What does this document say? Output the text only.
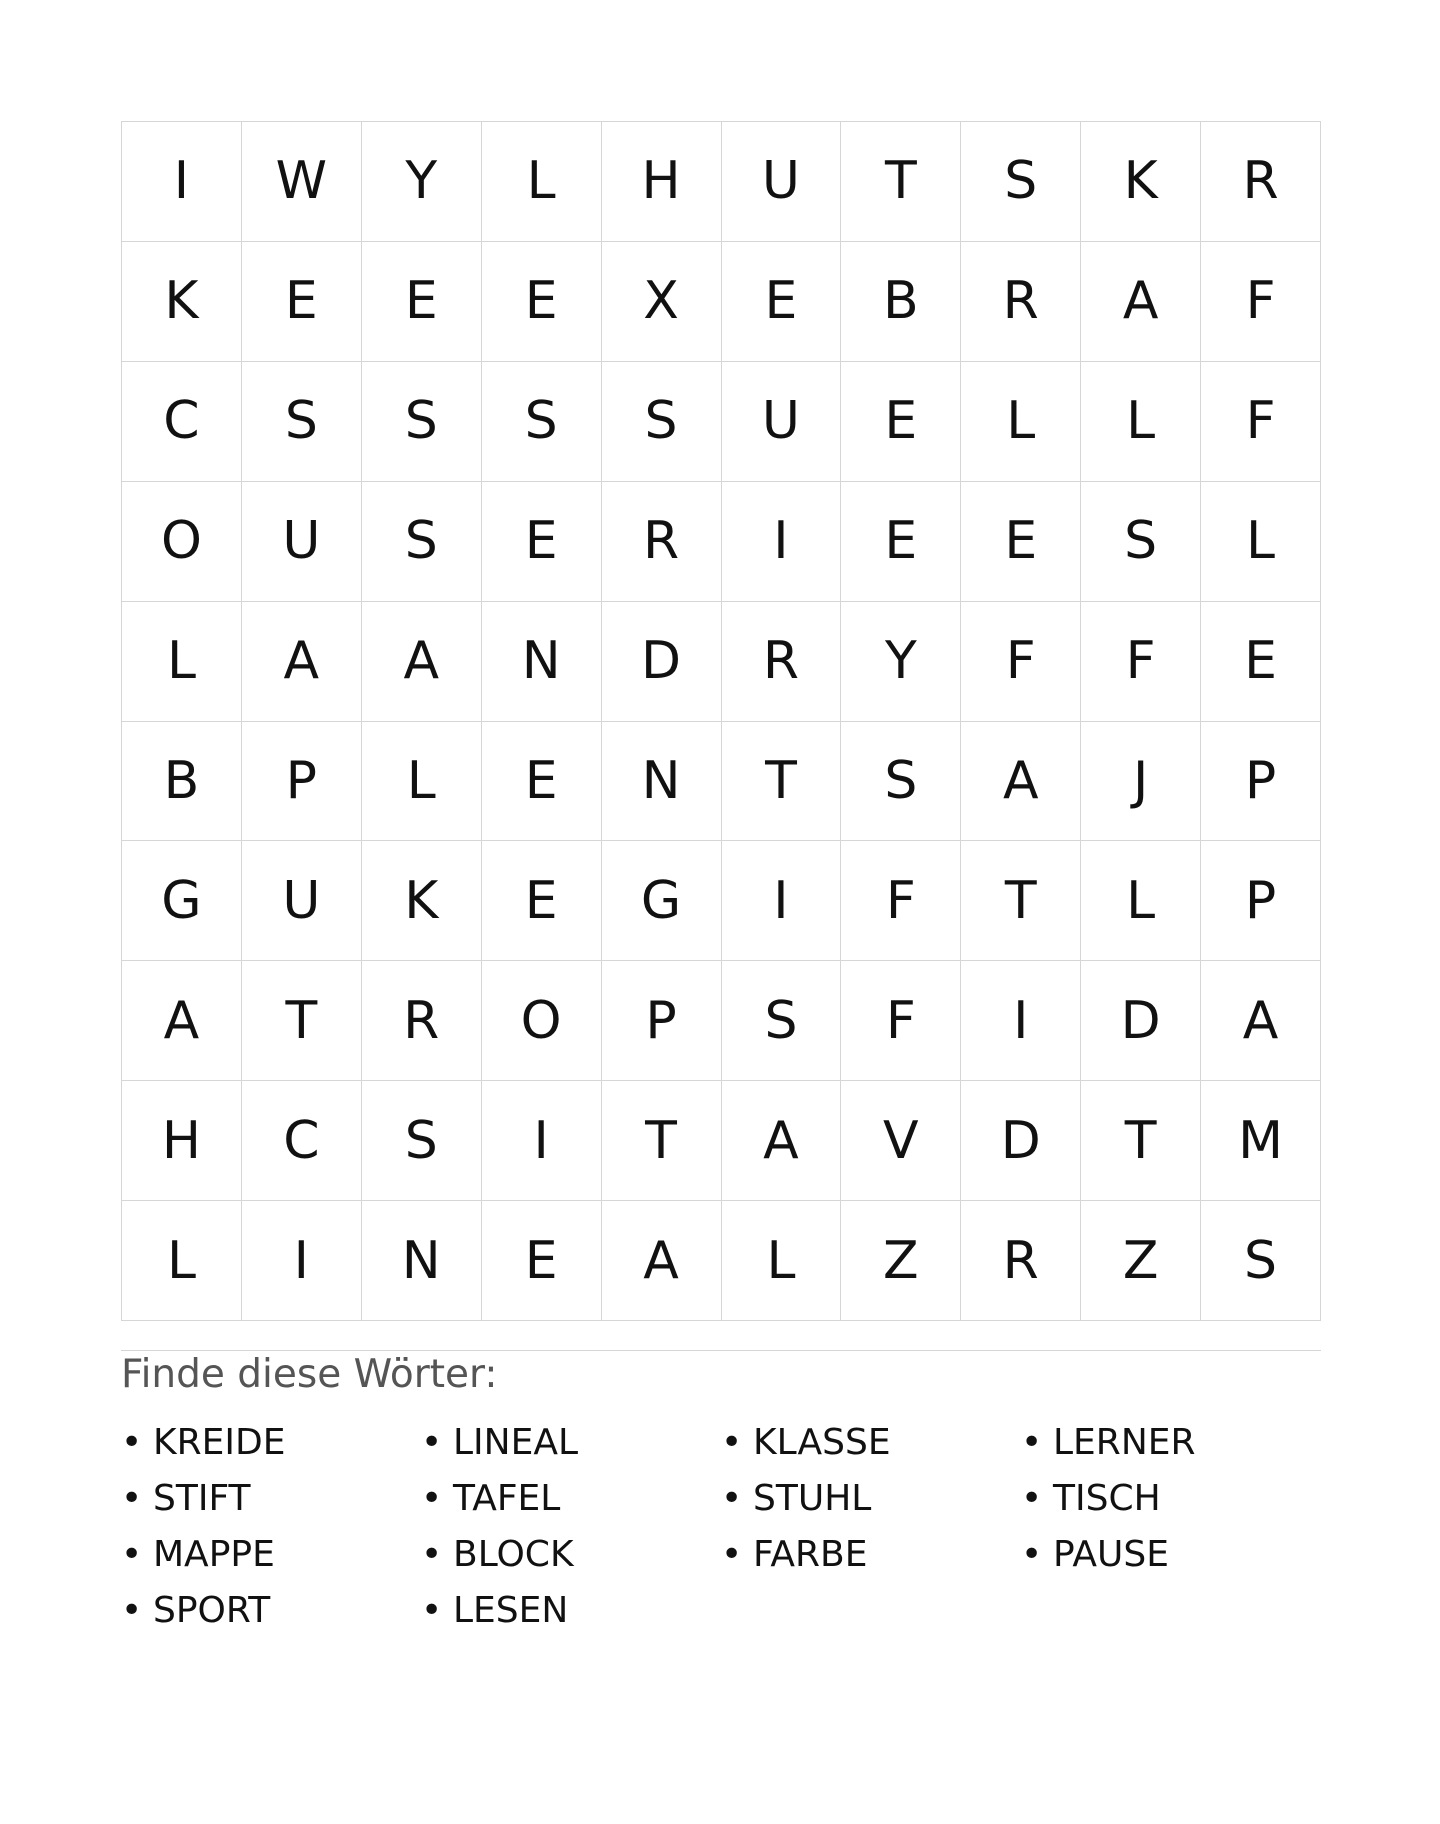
I	W	Y	L	H	U	T	S	K	R
K	E	E	E	X	E	B	R	A	F
C	S	S	S	S	U	E	L	L	F
O	U	S	E	R	I	E	E	S	L
L	A	A	N	D	R	Y	F	F	E
B	P	L	E	N	T	S	A	J	P
G	U	K	E	G	I	F	T	L	P
A	T	R	O	P	S	F	I	D	A
H	C	S	I	T	A	V	D	T	M
L	I	N	E	A	L	Z	R	Z	S
Finde diese Wörter:
• KREIDE	• LINEAL	• KLASSE	• LERNER
• STIFT	• TAFEL	• STUHL	• TISCH
• MAPPE	• BLOCK	• FARBE	• PAUSE
• SPORT	• LESEN
